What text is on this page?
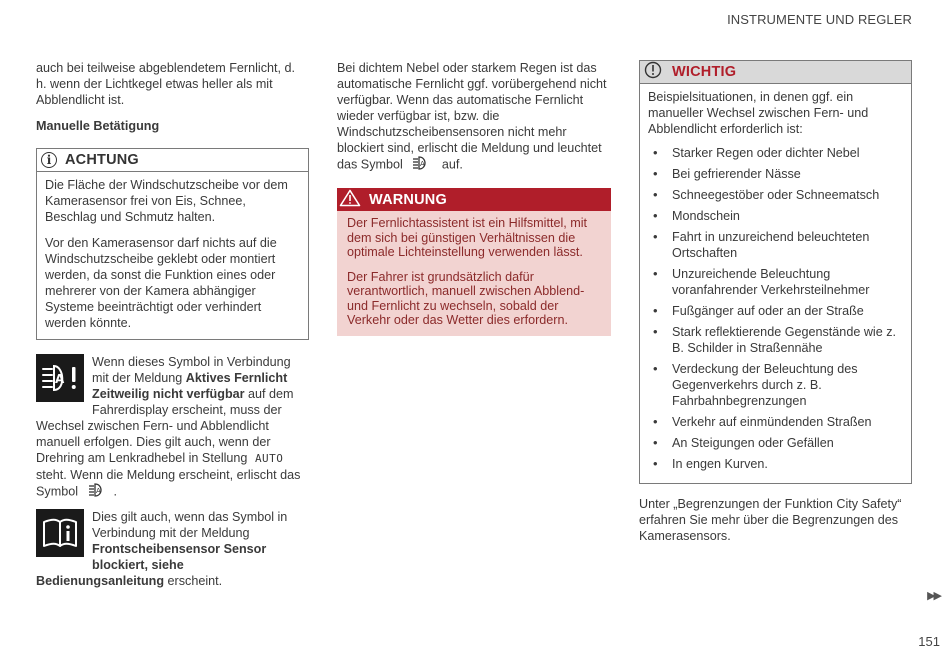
INSTRUMENTE UND REGLER

auch bei teilweise abgeblendetem Fernlicht, d. h. wenn der Lichtkegel etwas heller als mit Abblendlicht ist.

Manuelle Betätigung

i ACHTUNG

Die Fläche der Windschutzscheibe vor dem Kamerasensor frei von Eis, Schnee, Beschlag und Schmutz halten.

Vor den Kamerasensor darf nichts auf die Windschutzscheibe geklebt oder montiert werden, da sonst die Funktion eines oder mehrerer von der Kamera abhängiger Systeme beeinträchtigt oder verhindert werden könnte.

A

Wenn dieses Symbol in Verbindung mit der Meldung Aktives Fernlicht Zeitweilig nicht verfügbar auf dem Fahrerdisplay erscheint, muss der Wechsel zwischen Fern- und Abblendlicht manuell erfolgen. Dies gilt auch, wenn der Drehring am Lenkradhebel in Stellung AUTO steht. Wenn die Meldung erscheint, erlischt das Symbol	A .

Dies gilt auch, wenn das Symbol in Verbindung mit der Meldung Frontscheibensensor Sensor blockiert, siehe Bedienungsanleitung erscheint.

Bei dichtem Nebel oder starkem Regen ist das automatische Fernlicht ggf. vorübergehend nicht verfügbar. Wenn das automatische Fernlicht wieder verfügbar ist, bzw. die Windschutzscheibensensoren nicht mehr blockiert sind, erlischt die Meldung und leuchtet das Symbol	A auf.

WARNUNG

Der Fernlichtassistent ist ein Hilfsmittel, mit dem sich bei günstigen Verhältnissen die optimale Lichteinstellung verwenden lässt.

Der Fahrer ist grundsätzlich dafür verantwortlich, manuell zwischen Abblend- und Fernlicht zu wechseln, sobald der Verkehr oder das Wetter dies erfordern.

WICHTIG

Beispielsituationen, in denen ggf. ein manueller Wechsel zwischen Fern- und Abblendlicht erforderlich ist:

• Starker Regen oder dichter Nebel
• Bei gefrierender Nässe
• Schneegestöber oder Schneematsch
• Mondschein
• Fahrt in unzureichend beleuchteten Ortschaften
• Unzureichende Beleuchtung voranfahrender Verkehrsteilnehmer
• Fußgänger auf oder an der Straße
• Stark reflektierende Gegenstände wie z. B. Schilder in Straßennähe
• Verdeckung der Beleuchtung des Gegenverkehrs durch z. B. Fahrbahnbegrenzungen
• Verkehr auf einmündenden Straßen
• An Steigungen oder Gefällen
• In engen Kurven.

Unter „Begrenzungen der Funktion City Safety“ erfahren Sie mehr über die Begrenzungen des Kamerasensors.

▶▶
151
